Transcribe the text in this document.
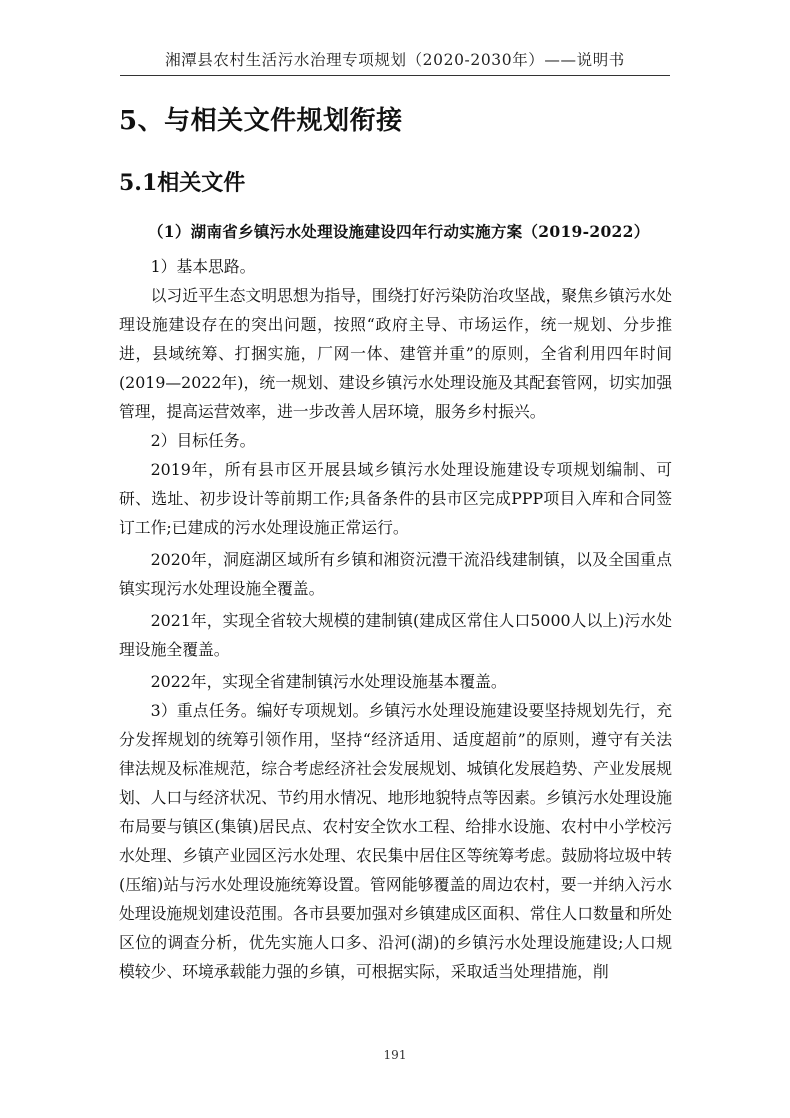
湘潭县农村生活污水治理专项规划（2020-2030年）——说明书
5、与相关文件规划衔接
5.1相关文件
（1）湖南省乡镇污水处理设施建设四年行动实施方案（2019-2022）

1）基本思路。

以习近平生态文明思想为指导，围绕打好污染防治攻坚战，聚焦乡镇污水处理设施建设存在的突出问题，按照“政府主导、市场运作，统一规划、分步推进，县域统筹、打捆实施，厂网一体、建管并重”的原则，全省利用四年时间(2019—2022年)，统一规划、建设乡镇污水处理设施及其配套管网，切实加强管理，提高运营效率，进一步改善人居环境，服务乡村振兴。

2）目标任务。

2019年，所有县市区开展县域乡镇污水处理设施建设专项规划编制、可研、选址、初步设计等前期工作;具备条件的县市区完成PPP项目入库和合同签订工作;已建成的污水处理设施正常运行。

2020年，洞庭湖区域所有乡镇和湘资沅澧干流沿线建制镇，以及全国重点镇实现污水处理设施全覆盖。

2021年，实现全省较大规模的建制镇(建成区常住人口5000人以上)污水处理设施全覆盖。

2022年，实现全省建制镇污水处理设施基本覆盖。

3）重点任务。编好专项规划。乡镇污水处理设施建设要坚持规划先行，充分发挥规划的统筹引领作用，坚持“经济适用、适度超前”的原则，遵守有关法律法规及标准规范，综合考虑经济社会发展规划、城镇化发展趋势、产业发展规划、人口与经济状况、节约用水情况、地形地貌特点等因素。乡镇污水处理设施布局要与镇区(集镇)居民点、农村安全饮水工程、给排水设施、农村中小学校污水处理、乡镇产业园区污水处理、农民集中居住区等统筹考虑。鼓励将垃圾中转(压缩)站与污水处理设施统筹设置。管网能够覆盖的周边农村，要一并纳入污水处理设施规划建设范围。各市县要加强对乡镇建成区面积、常住人口数量和所处区位的调查分析，优先实施人口多、沿河(湖)的乡镇污水处理设施建设;人口规模较少、环境承载能力强的乡镇，可根据实际，采取适当处理措施，削

191
